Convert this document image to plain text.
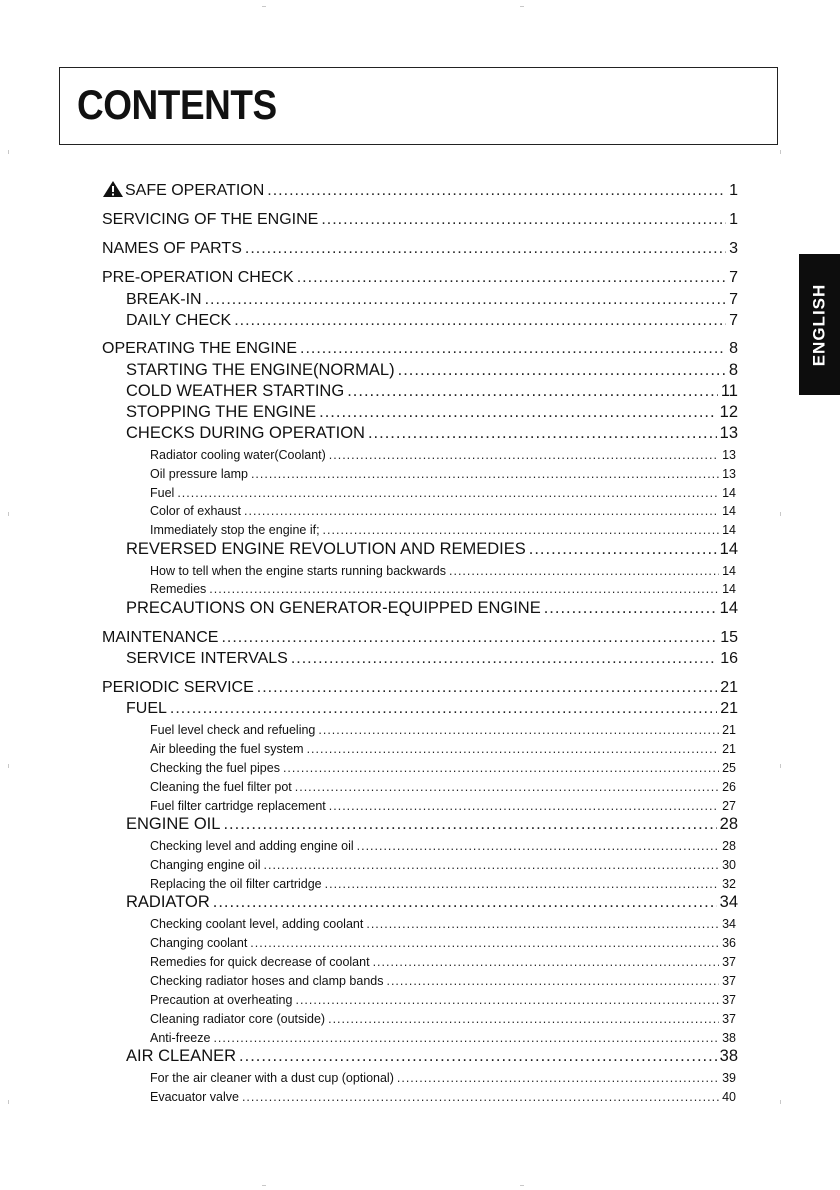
CONTENTS
ENGLISH
SAFE OPERATION .....	1
SERVICING OF THE ENGINE .....	1
NAMES OF PARTS .....	3
PRE-OPERATION CHECK .....	7
BREAK-IN .....	7
DAILY CHECK .....	7
OPERATING THE ENGINE .....	8
STARTING THE ENGINE(NORMAL) .....	8
COLD WEATHER STARTING .....	11
STOPPING THE ENGINE .....	12
CHECKS DURING OPERATION .....	13
Radiator cooling water(Coolant) .....	13
Oil pressure lamp .....	13
Fuel .....	14
Color of exhaust .....	14
Immediately stop the engine if; .....	14
REVERSED ENGINE REVOLUTION AND REMEDIES .....	14
How to tell when the engine starts running backwards .....	14
Remedies .....	14
PRECAUTIONS ON GENERATOR-EQUIPPED ENGINE .....	14
MAINTENANCE .....	15
SERVICE INTERVALS .....	16
PERIODIC SERVICE .....	21
FUEL .....	21
Fuel level check and refueling .....	21
Air bleeding the fuel system .....	21
Checking the fuel pipes .....	25
Cleaning the fuel filter pot .....	26
Fuel filter cartridge replacement .....	27
ENGINE OIL .....	28
Checking level and adding engine oil .....	28
Changing engine oil .....	30
Replacing the oil filter cartridge .....	32
RADIATOR .....	34
Checking coolant level, adding coolant .....	34
Changing coolant .....	36
Remedies for quick decrease of coolant .....	37
Checking radiator hoses and clamp bands .....	37
Precaution at overheating .....	37
Cleaning radiator core (outside) .....	37
Anti-freeze .....	38
AIR CLEANER .....	38
For the air cleaner with a dust cup (optional) .....	39
Evacuator valve .....	40
